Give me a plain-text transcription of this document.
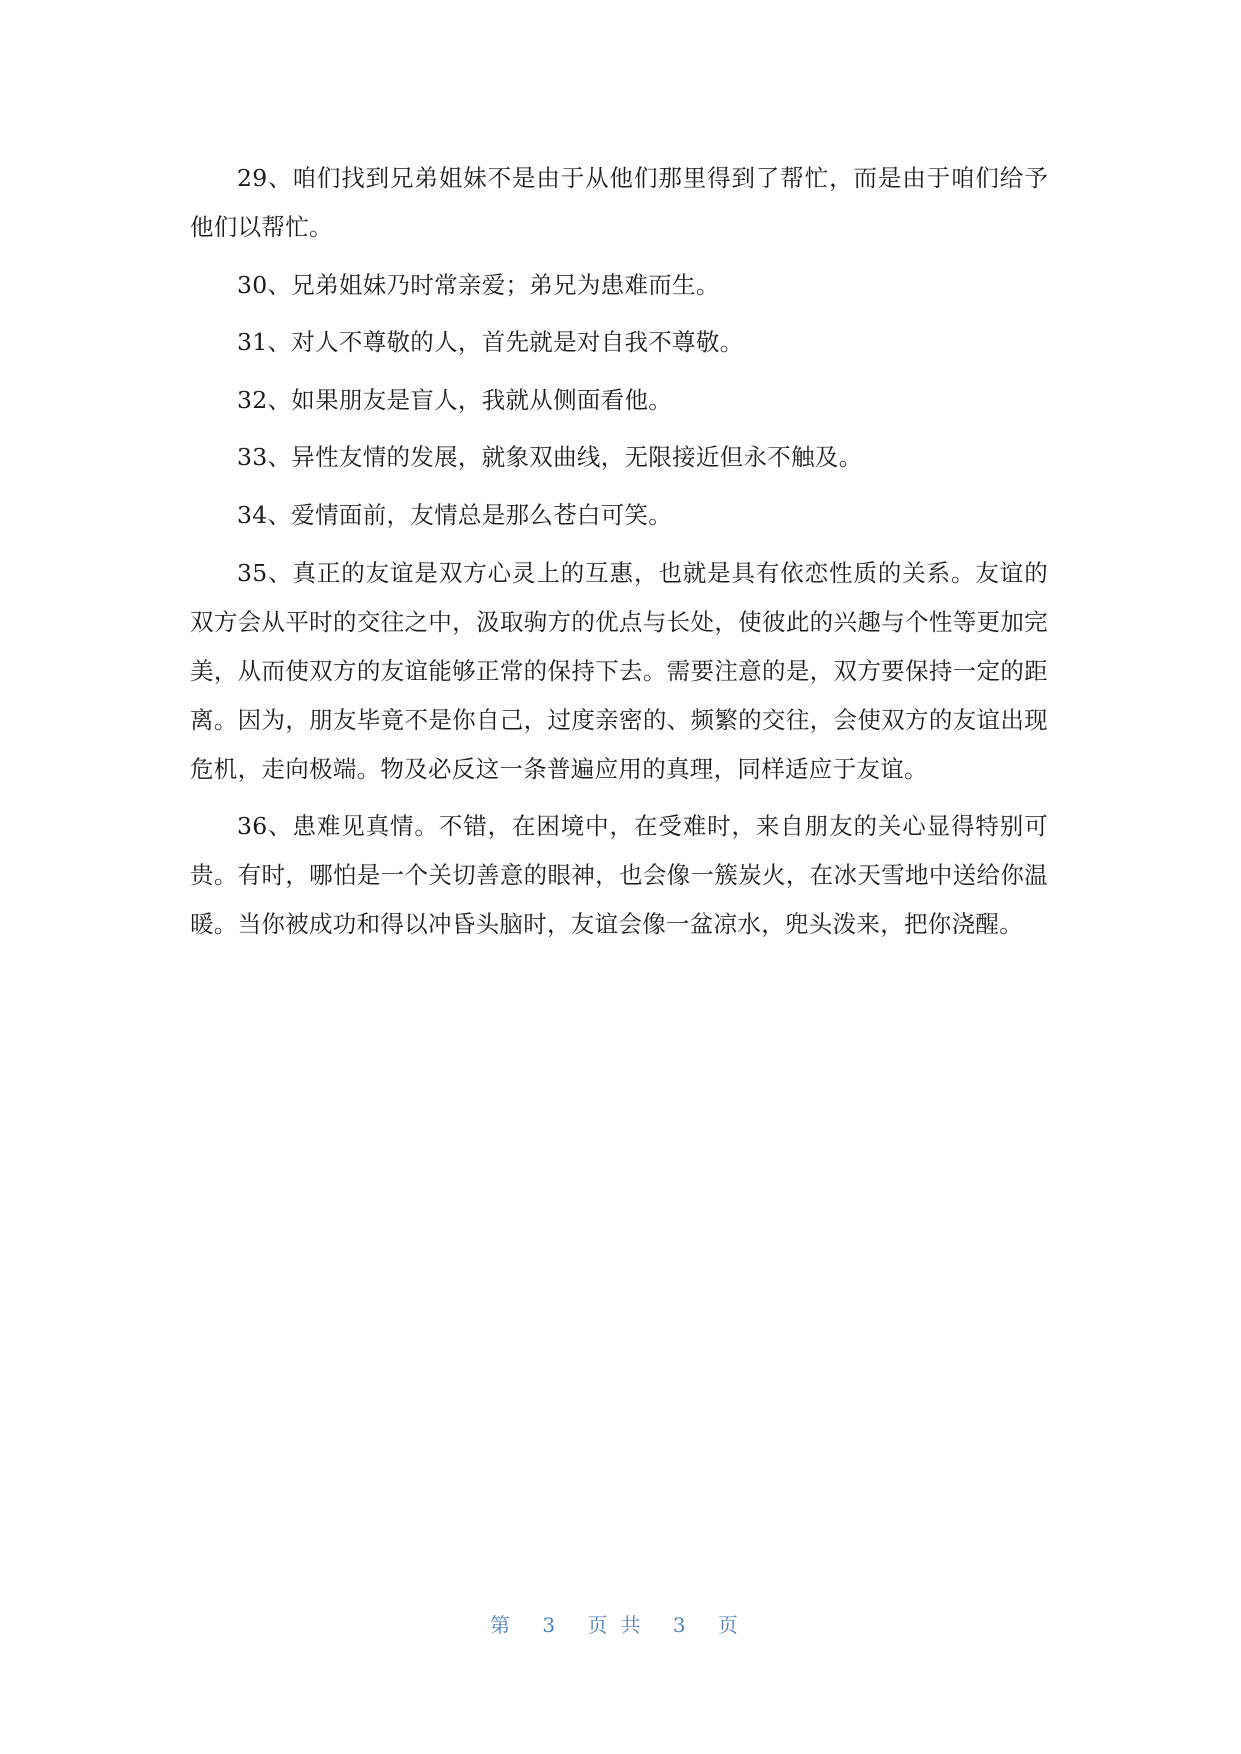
29、咱们找到兄弟姐妹不是由于从他们那里得到了帮忙，而是由于咱们给予他们以帮忙。

30、兄弟姐妹乃时常亲爱；弟兄为患难而生。

31、对人不尊敬的人，首先就是对自我不尊敬。

32、如果朋友是盲人，我就从侧面看他。

33、异性友情的发展，就象双曲线，无限接近但永不触及。

34、爱情面前，友情总是那么苍白可笑。

35、真正的友谊是双方心灵上的互惠，也就是具有依恋性质的关系。友谊的双方会从平时的交往之中，汲取驹方的优点与长处，使彼此的兴趣与个性等更加完美，从而使双方的友谊能够正常的保持下去。需要注意的是，双方要保持一定的距离。因为，朋友毕竟不是你自己，过度亲密的、频繁的交往，会使双方的友谊出现危机，走向极端。物及必反这一条普遍应用的真理，同样适应于友谊。

36、患难见真情。不错，在困境中，在受难时，来自朋友的关心显得特别可贵。有时，哪怕是一个关切善意的眼神，也会像一簇炭火，在冰天雪地中送给你温暖。当你被成功和得以冲昏头脑时，友谊会像一盆凉水，兜头泼来，把你浇醒。

第 3 页共 3 页
